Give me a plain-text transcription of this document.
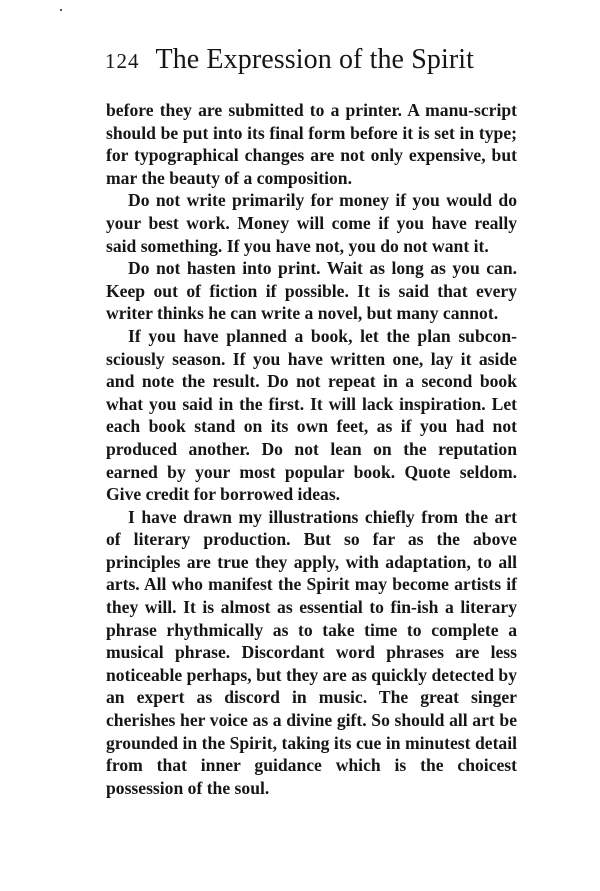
124 The Expression of the Spirit

before they are submitted to a printer. A manu-script should be put into its final form before it is set in type; for typographical changes are not only expensive, but mar the beauty of a composition.

Do not write primarily for money if you would do your best work. Money will come if you have really said something. If you have not, you do not want it.

Do not hasten into print. Wait as long as you can. Keep out of fiction if possible. It is said that every writer thinks he can write a novel, but many cannot.

If you have planned a book, let the plan subcon-sciously season. If you have written one, lay it aside and note the result. Do not repeat in a second book what you said in the first. It will lack inspiration. Let each book stand on its own feet, as if you had not produced another. Do not lean on the reputation earned by your most popular book. Quote seldom. Give credit for borrowed ideas.

I have drawn my illustrations chiefly from the art of literary production. But so far as the above principles are true they apply, with adaptation, to all arts. All who manifest the Spirit may become artists if they will. It is almost as essential to fin-ish a literary phrase rhythmically as to take time to complete a musical phrase. Discordant word phrases are less noticeable perhaps, but they are as quickly detected by an expert as discord in music. The great singer cherishes her voice as a divine gift. So should all art be grounded in the Spirit, taking its cue in minutest detail from that inner guidance which is the choicest possession of the soul.
